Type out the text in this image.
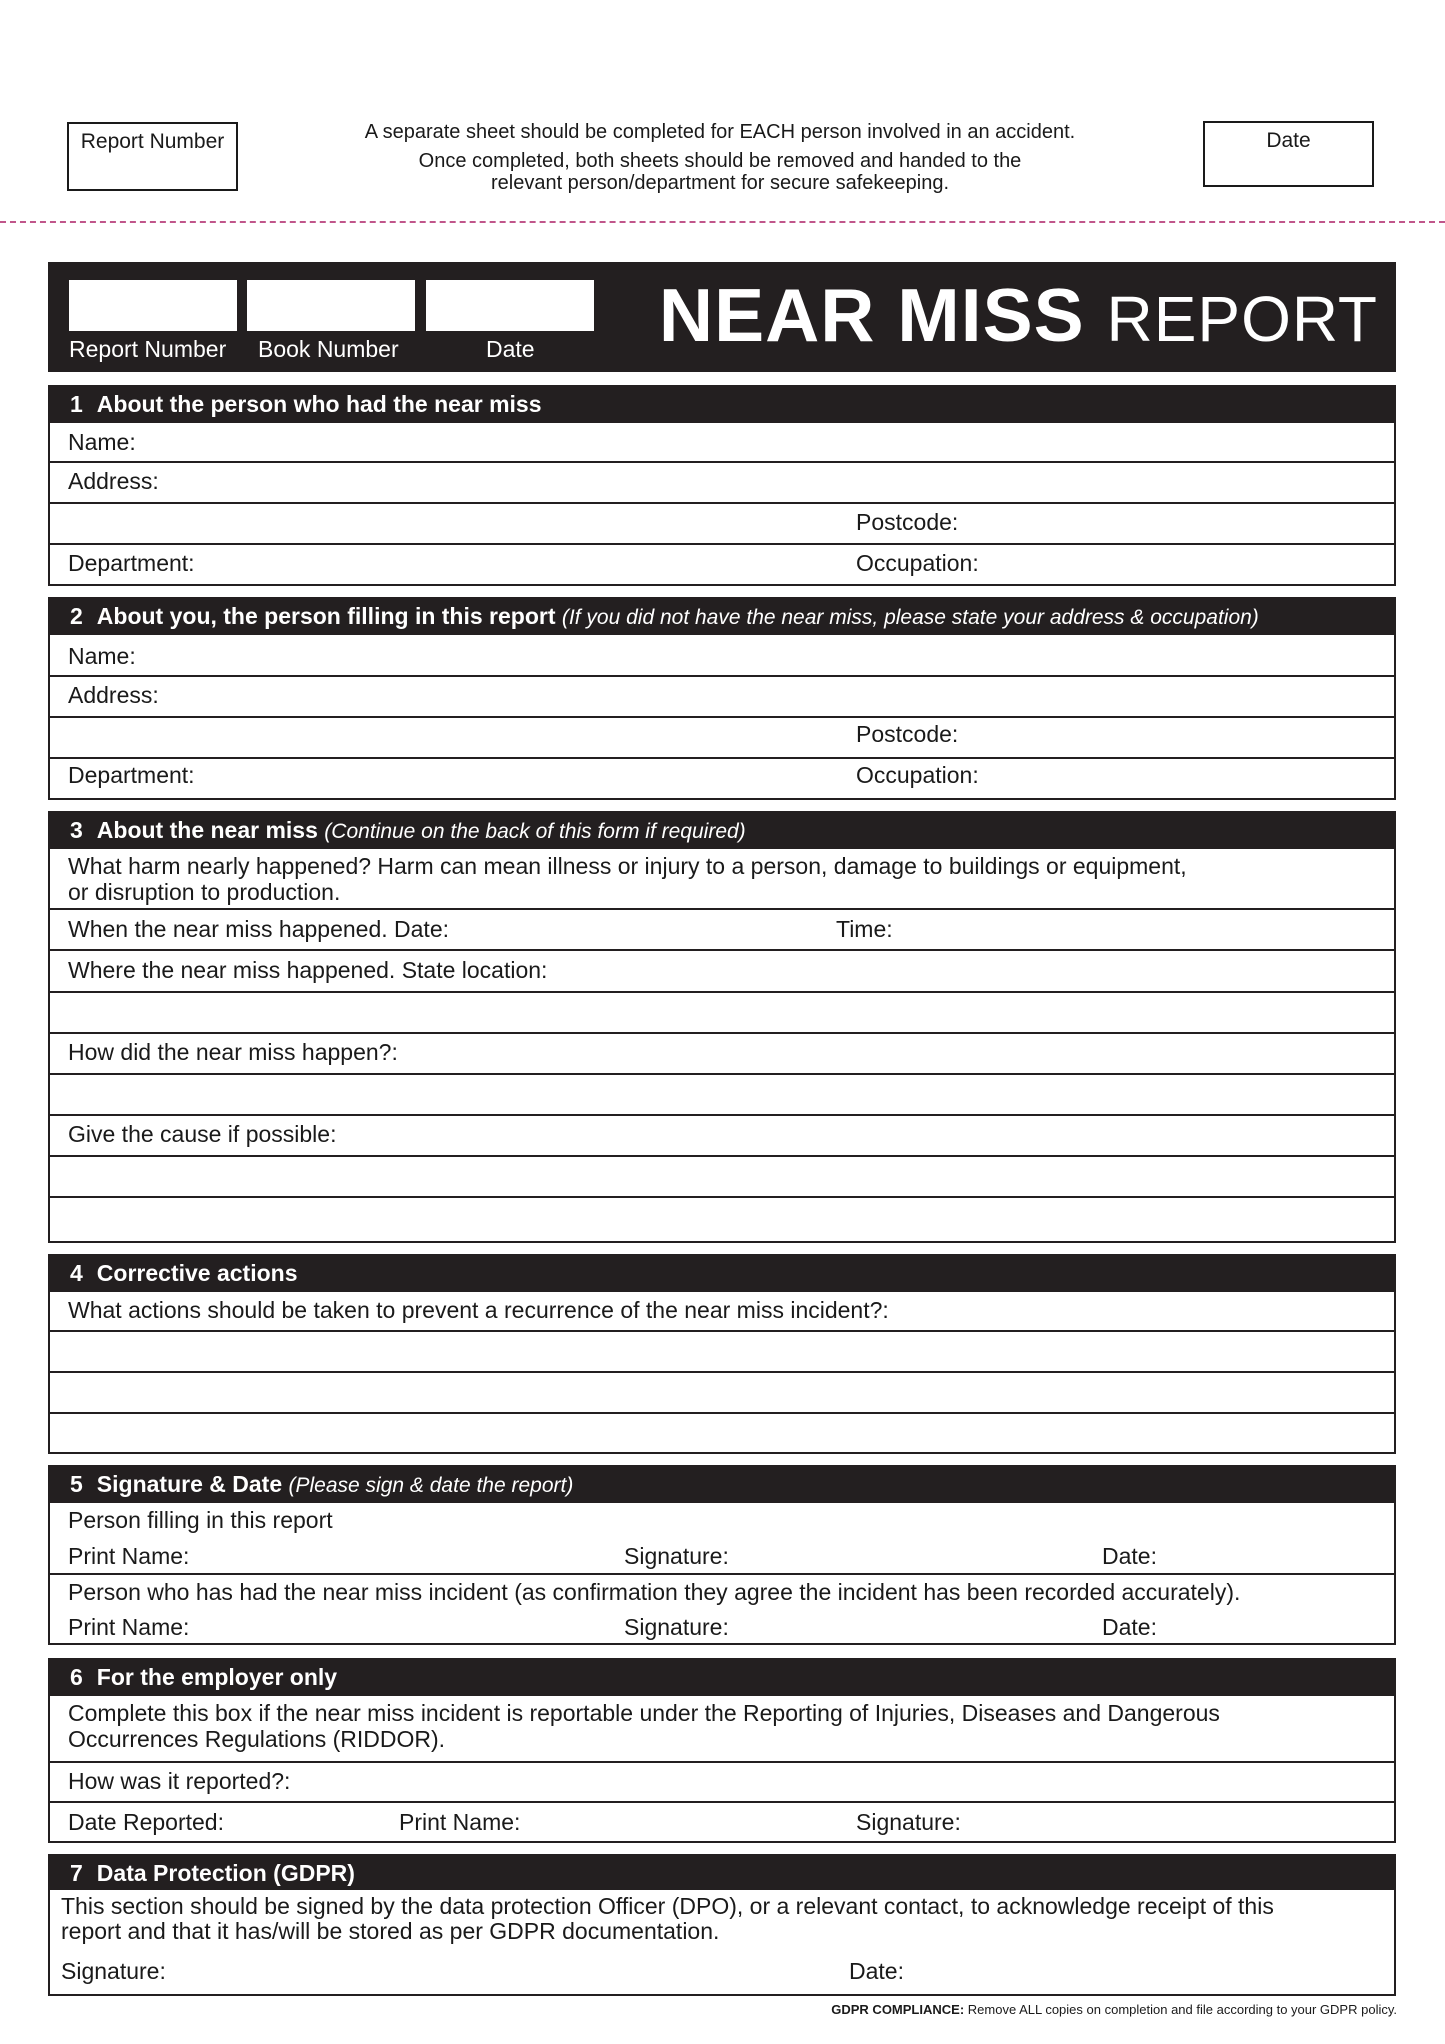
Report Number	A separate sheet should be completed for EACH person involved in an accident.
Once completed, both sheets should be removed and handed to the
relevant person/department for secure safekeeping.
Date
Report Number Book Number	Date NEAR MISS REPORT
1 About the person who had the near miss
Name:
Address:
Postcode:
Department:	Occupation:
2 About you, the person filling in this report (If you did not have the near miss, please state your address & occupation)
Name:
Address:
Postcode:
Department:	Occupation:
3 About the near miss (Continue on the back of this form if required)
What harm nearly happened? Harm can mean illness or injury to a person, damage to buildings or equipment,
or disruption to production.
When the near miss happened. Date:	Time:
Where the near miss happened. State location:
How did the near miss happen?:
Give the cause if possible:
4 Corrective actions
What actions should be taken to prevent a recurrence of the near miss incident?:
5 Signature & Date (Please sign & date the report)
Person filling in this report
Print Name:	Signature:	Date:
Person who has had the near miss incident (as confirmation they agree the incident has been recorded accurately).
Print Name:	Signature:	Date:
6 For the employer only
Complete this box if the near miss incident is reportable under the Reporting of Injuries, Diseases and Dangerous
Occurrences Regulations (RIDDOR).
How was it reported?:
Date Reported:	Print Name:	Signature:
7 Data Protection (GDPR)
This section should be signed by the data protection Officer (DPO), or a relevant contact, to acknowledge receipt of this
report and that it has/will be stored as per GDPR documentation.
Signature:	Date:
GDPR COMPLIANCE: Remove ALL copies on completion and file according to your GDPR policy.
